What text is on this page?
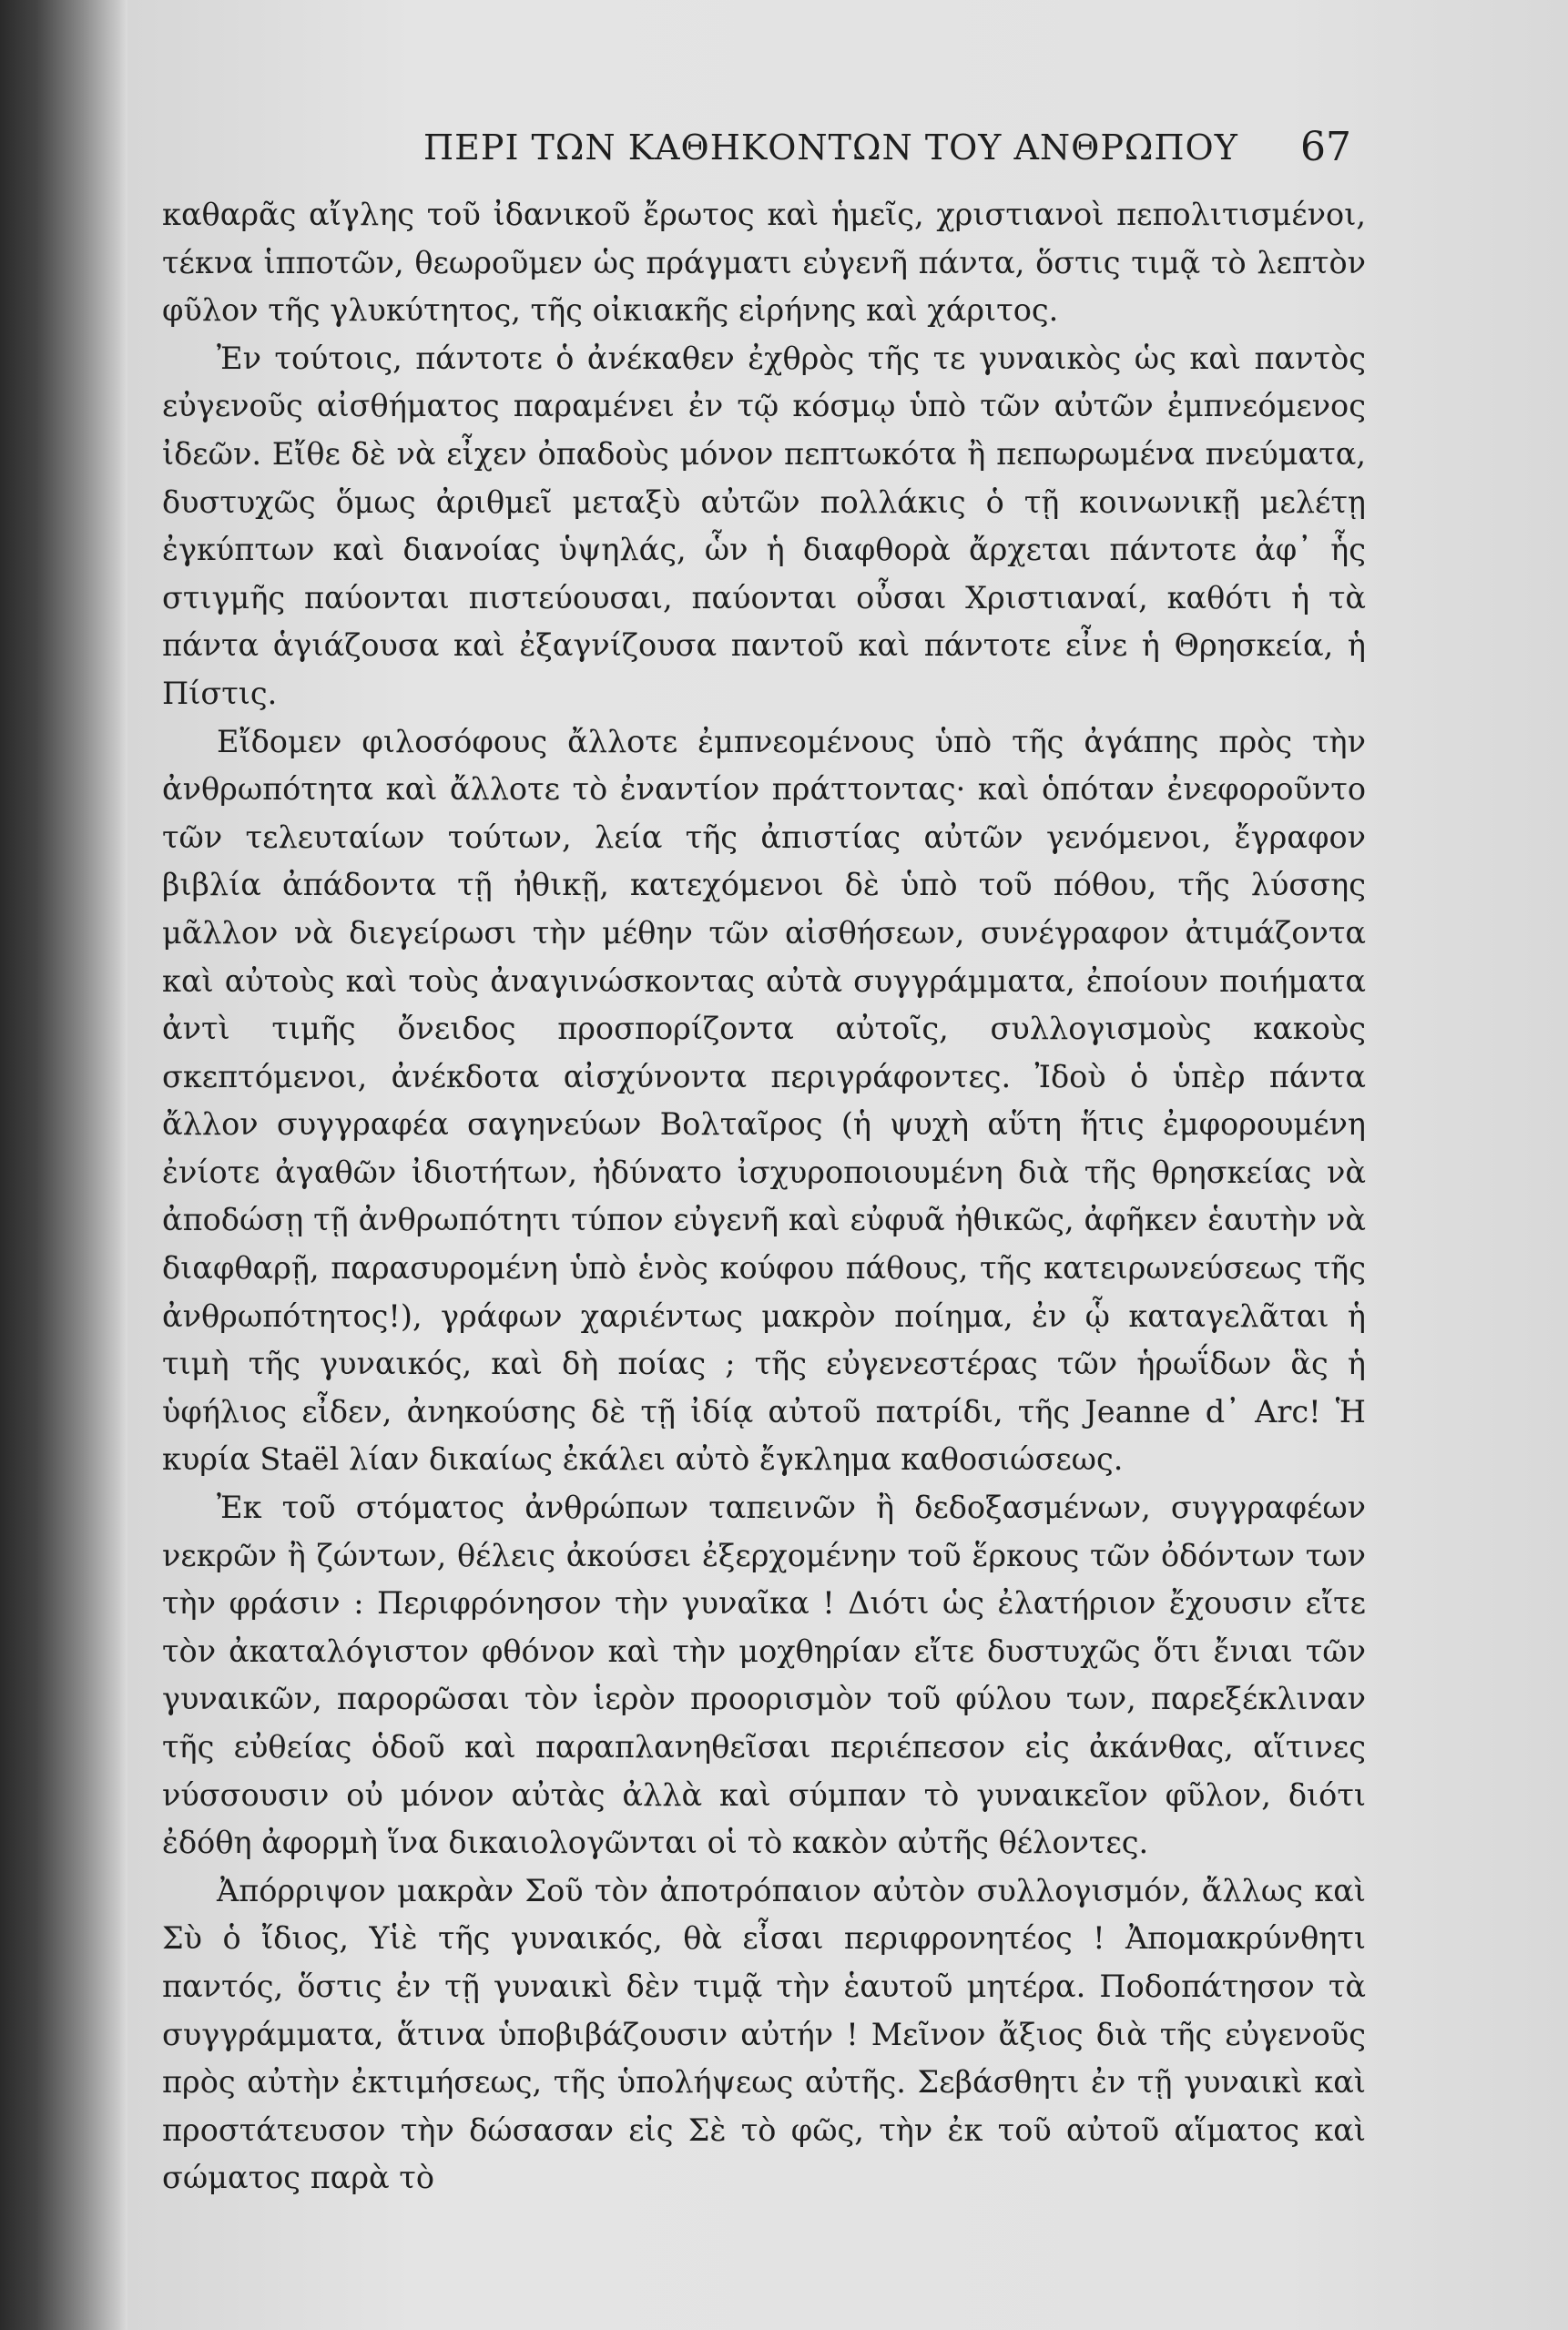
ΠΕΡΙ ΤΩΝ ΚΑΘΗΚΟΝΤΩΝ ΤΟΥ ΑΝΘΡΩΠΟΥ 67

καθαρᾶς αἴγλης τοῦ ἰδανικοῦ ἔρωτος καὶ ἡμεῖς, χριστιανοὶ πεπολιτισμένοι, τέκνα ἱπποτῶν, θεωροῦμεν ὡς πράγματι εὐγενῆ πάντα, ὅστις τιμᾷ τὸ λεπτὸν φῦλον τῆς γλυκύτητος, τῆς οἰκιακῆς εἰρήνης καὶ χάριτος.

Ἐν τούτοις, πάντοτε ὁ ἀνέκαθεν ἐχθρὸς τῆς τε γυναικὸς ὡς καὶ παντὸς εὐγενοῦς αἰσθήματος παραμένει ἐν τῷ κόσμῳ ὑπὸ τῶν αὐτῶν ἐμπνεόμενος ἰδεῶν. Εἴθε δὲ νὰ εἶχεν ὀπαδοὺς μόνον πεπτωκότα ἢ πεπωρωμένα πνεύματα, δυστυχῶς ὅμως ἀριθμεῖ μεταξὺ αὐτῶν πολλάκις ὁ τῇ κοινωνικῇ μελέτῃ ἐγκύπτων καὶ διανοίας ὑψηλάς, ὧν ἡ διαφθορὰ ἄρχεται πάντοτε ἀφ᾽ ἧς στιγμῆς παύονται πιστεύουσαι, παύονται οὖσαι Χριστιαναί, καθότι ἡ τὰ πάντα ἁγιάζουσα καὶ ἐξαγνίζουσα παντοῦ καὶ πάντοτε εἶνε ἡ Θρησκεία, ἡ Πίστις.

Εἴδομεν φιλοσόφους ἄλλοτε ἐμπνεομένους ὑπὸ τῆς ἀγάπης πρὸς τὴν ἀνθρωπότητα καὶ ἄλλοτε τὸ ἐναντίον πράττοντας· καὶ ὁπόταν ἐνεφοροῦντο τῶν τελευταίων τούτων, λεία τῆς ἀπιστίας αὐτῶν γενόμενοι, ἔγραφον βιβλία ἀπάδοντα τῇ ἠθικῇ, κατεχόμενοι δὲ ὑπὸ τοῦ πόθου, τῆς λύσσης μᾶλλον νὰ διεγείρωσι τὴν μέθην τῶν αἰσθήσεων, συνέγραφον ἀτιμάζοντα καὶ αὐτοὺς καὶ τοὺς ἀναγινώσκοντας αὐτὰ συγγράμματα, ἐποίουν ποιήματα ἀντὶ τιμῆς ὄνειδος προσπορίζοντα αὐτοῖς, συλλογισμοὺς κακοὺς σκεπτόμενοι, ἀνέκδοτα αἰσχύνοντα περιγράφοντες. Ἰδοὺ ὁ ὑπὲρ πάντα ἄλλον συγγραφέα σαγηνεύων Βολταῖρος (ἡ ψυχὴ αὕτη ἥτις ἐμφορουμένη ἐνίοτε ἀγαθῶν ἰδιοτήτων, ἠδύνατο ἰσχυροποιουμένη διὰ τῆς θρησκείας νὰ ἀποδώσῃ τῇ ἀνθρωπότητι τύπον εὐγενῆ καὶ εὐφυᾶ ἠθικῶς, ἀφῆκεν ἑαυτὴν νὰ διαφθαρῇ, παρασυρομένη ὑπὸ ἑνὸς κούφου πάθους, τῆς κατειρωνεύσεως τῆς ἀνθρωπότητος!), γράφων χαριέντως μακρὸν ποίημα, ἐν ᾧ καταγελᾶται ἡ τιμὴ τῆς γυναικός, καὶ δὴ ποίας ; τῆς εὐγενεστέρας τῶν ἡρωΐδων ἃς ἡ ὑφήλιος εἶδεν, ἀνηκούσης δὲ τῇ ἰδίᾳ αὐτοῦ πατρίδι, τῆς Jeanne d᾽ Arc! Ἡ κυρία Staël λίαν δικαίως ἐκάλει αὐτὸ ἔγκλημα καθοσιώσεως.

Ἐκ τοῦ στόματος ἀνθρώπων ταπεινῶν ἢ δεδοξασμένων, συγγραφέων νεκρῶν ἢ ζώντων, θέλεις ἀκούσει ἐξερχομένην τοῦ ἕρκους τῶν ὀδόντων των τὴν φράσιν : Περιφρόνησον τὴν γυναῖκα ! Διότι ὡς ἐλατήριον ἔχουσιν εἴτε τὸν ἀκαταλόγιστον φθόνον καὶ τὴν μοχθηρίαν εἴτε δυστυχῶς ὅτι ἔνιαι τῶν γυναικῶν, παρορῶσαι τὸν ἱερὸν προορισμὸν τοῦ φύλου των, παρεξέκλιναν τῆς εὐθείας ὁδοῦ καὶ παραπλανηθεῖσαι περιέπεσον εἰς ἀκάνθας, αἵτινες νύσσουσιν οὐ μόνον αὐτὰς ἀλλὰ καὶ σύμπαν τὸ γυναικεῖον φῦλον, διότι ἐδόθη ἀφορμὴ ἵνα δικαιολογῶνται οἱ τὸ κακὸν αὐτῆς θέλοντες.

Ἀπόρριψον μακρὰν Σοῦ τὸν ἀποτρόπαιον αὐτὸν συλλογισμόν, ἄλλως καὶ Σὺ ὁ ἴδιος, Υἱὲ τῆς γυναικός, θὰ εἶσαι περιφρονητέος ! Ἀπομακρύνθητι παντός, ὅστις ἐν τῇ γυναικὶ δὲν τιμᾷ τὴν ἑαυτοῦ μητέρα. Ποδοπάτησον τὰ συγγράμματα, ἅτινα ὑποβιβάζουσιν αὐτήν ! Μεῖνον ἄξιος διὰ τῆς εὐγενοῦς πρὸς αὐτὴν ἐκτιμήσεως, τῆς ὑπολήψεως αὐτῆς. Σεβάσθητι ἐν τῇ γυναικὶ καὶ προστάτευσον τὴν δώσασαν εἰς Σὲ τὸ φῶς, τὴν ἐκ τοῦ αὐτοῦ αἵματος καὶ σώματος παρὰ τὸ
